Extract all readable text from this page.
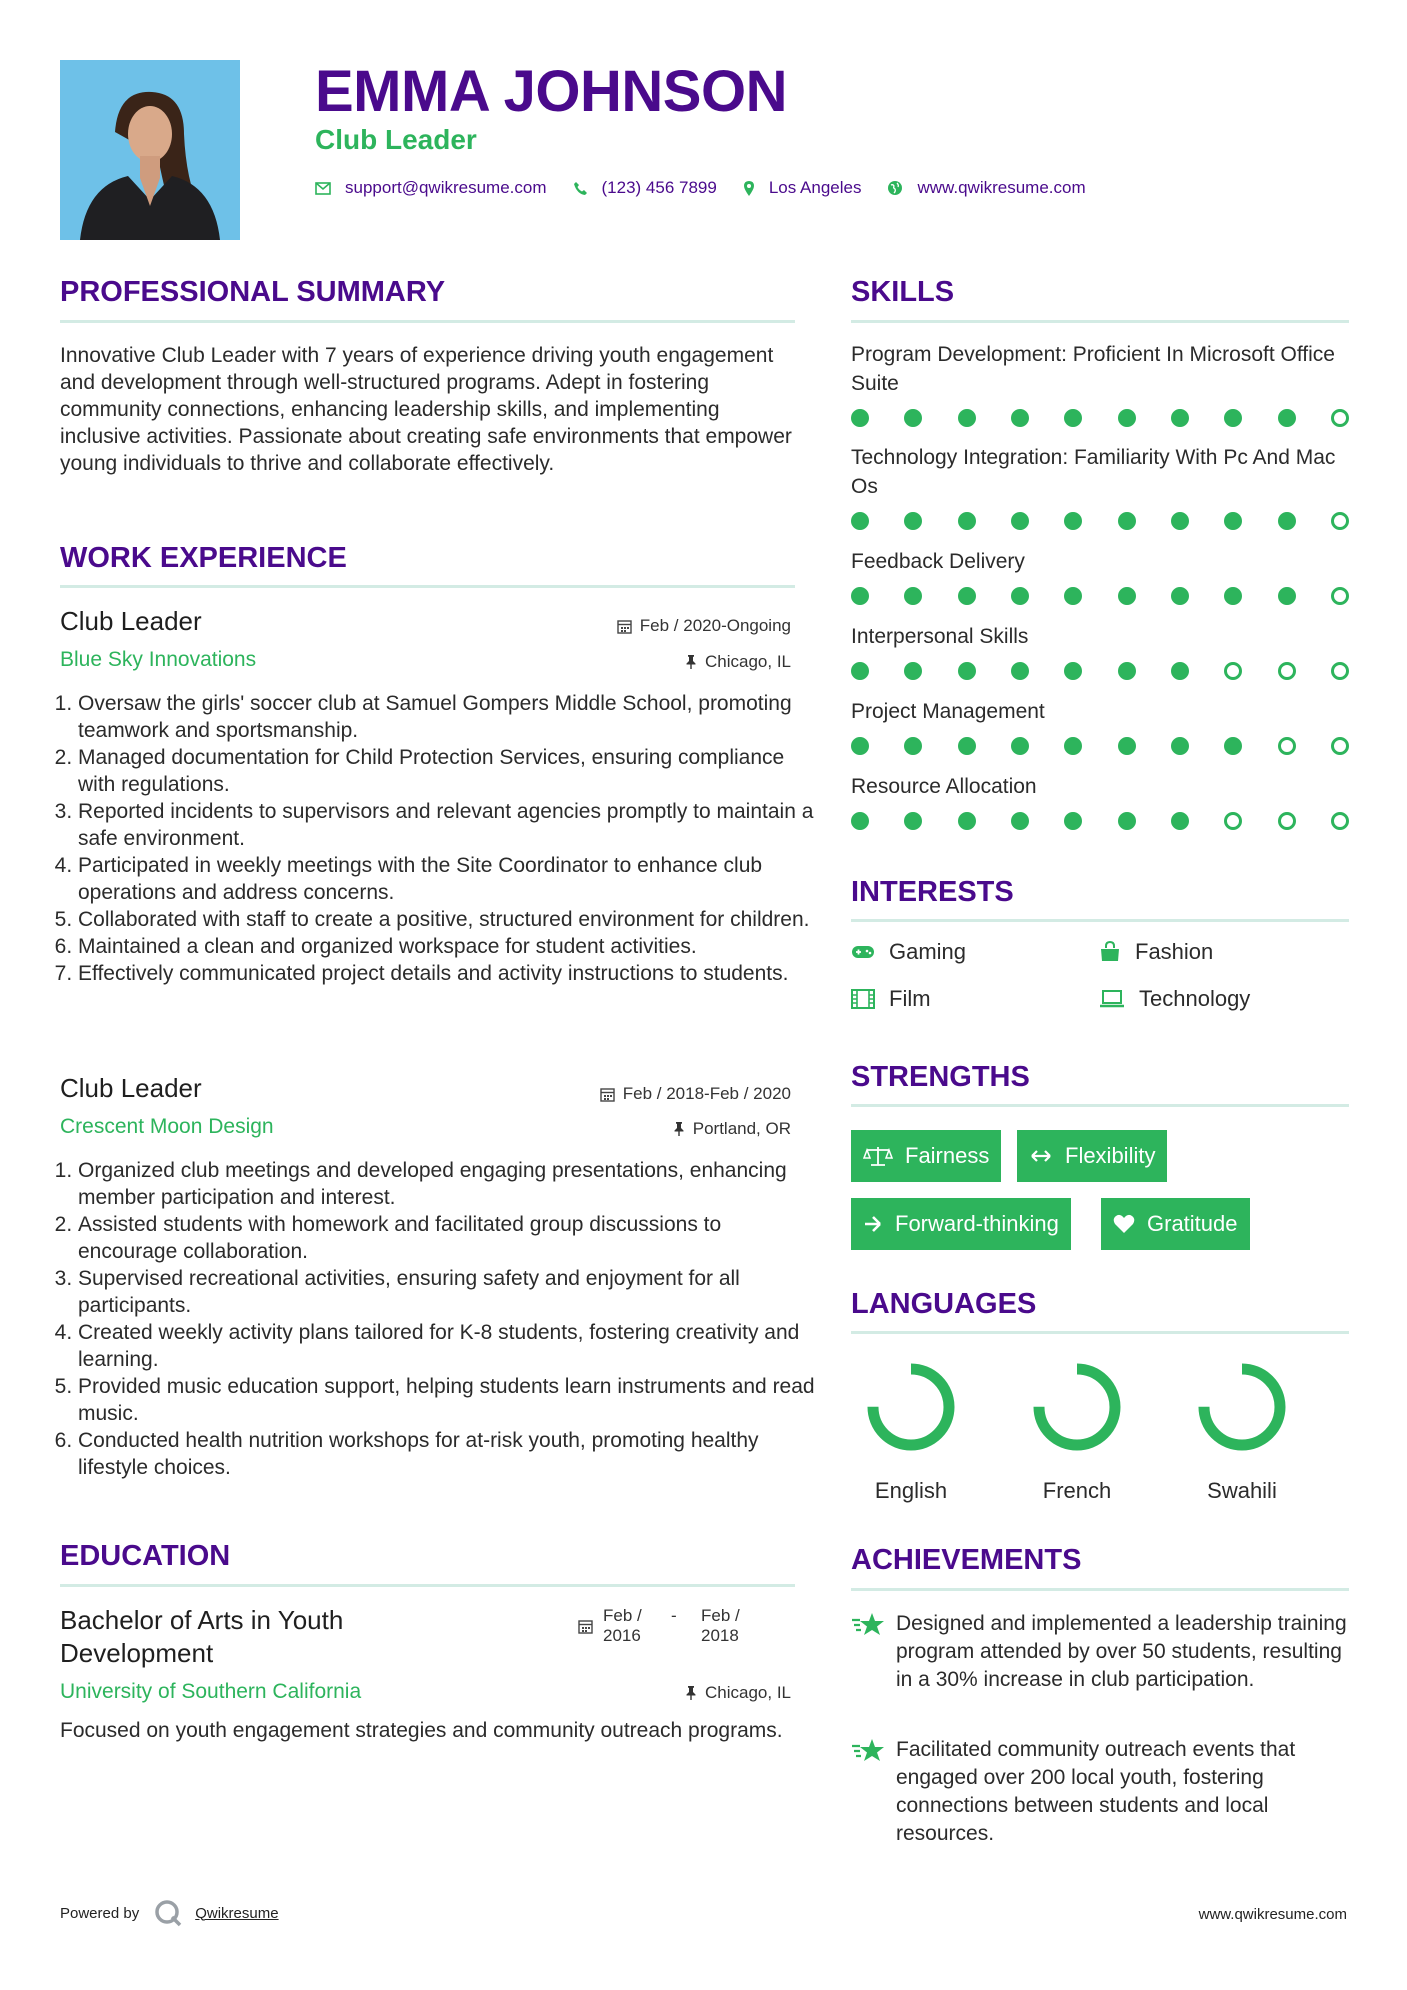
EMMA JOHNSON
Club Leader
support@qwikresume.com	(123) 456 7899	Los Angeles	www.qwikresume.com
PROFESSIONAL SUMMARY

Innovative Club Leader with 7 years of experience driving youth engagement and development through well-structured programs. Adept in fostering community connections, enhancing leadership skills, and implementing inclusive activities. Passionate about creating safe environments that empower young individuals to thrive and collaborate effectively.

WORK EXPERIENCE
Club Leader	Feb / 2020-Ongoing
Blue Sky Innovations	Chicago, IL
1. Oversaw the girls' soccer club at Samuel Gompers Middle School, promoting teamwork and sportsmanship.
2. Managed documentation for Child Protection Services, ensuring compliance with regulations.
3. Reported incidents to supervisors and relevant agencies promptly to maintain a safe environment.
4. Participated in weekly meetings with the Site Coordinator to enhance club operations and address concerns.
5. Collaborated with staff to create a positive, structured environment for children.
6. Maintained a clean and organized workspace for student activities.
7. Effectively communicated project details and activity instructions to students.
Club Leader	Feb / 2018-Feb / 2020
Crescent Moon Design	Portland, OR
1. Organized club meetings and developed engaging presentations, enhancing member participation and interest.
2. Assisted students with homework and facilitated group discussions to encourage collaboration.
3. Supervised recreational activities, ensuring safety and enjoyment for all participants.
4. Created weekly activity plans tailored for K-8 students, fostering creativity and learning.
5. Provided music education support, helping students learn instruments and read music.
6. Conducted health nutrition workshops for at-risk youth, promoting healthy lifestyle choices.
EDUCATION
Bachelor of Arts in Youth Development
Feb / 2016
-	Feb / 2018
University of Southern California	Chicago, IL

Focused on youth engagement strategies and community outreach programs.

SKILLS
Program Development: Proficient In Microsoft Office Suite
Technology Integration: Familiarity With Pc And Mac Os
Feedback Delivery
Interpersonal Skills
Project Management
Resource Allocation
INTERESTS
Gaming	Fashion
Film	Technology
STRENGTHS
Fairness	Flexibility
Forward-thinking	Gratitude
LANGUAGES
English	French	Swahili
ACHIEVEMENTS
Designed and implemented a leadership training program attended by over 50 students, resulting in a 30% increase in club participation.
Facilitated community outreach events that engaged over 200 local youth, fostering connections between students and local resources.
Powered by	Qwikresume	www.qwikresume.com
